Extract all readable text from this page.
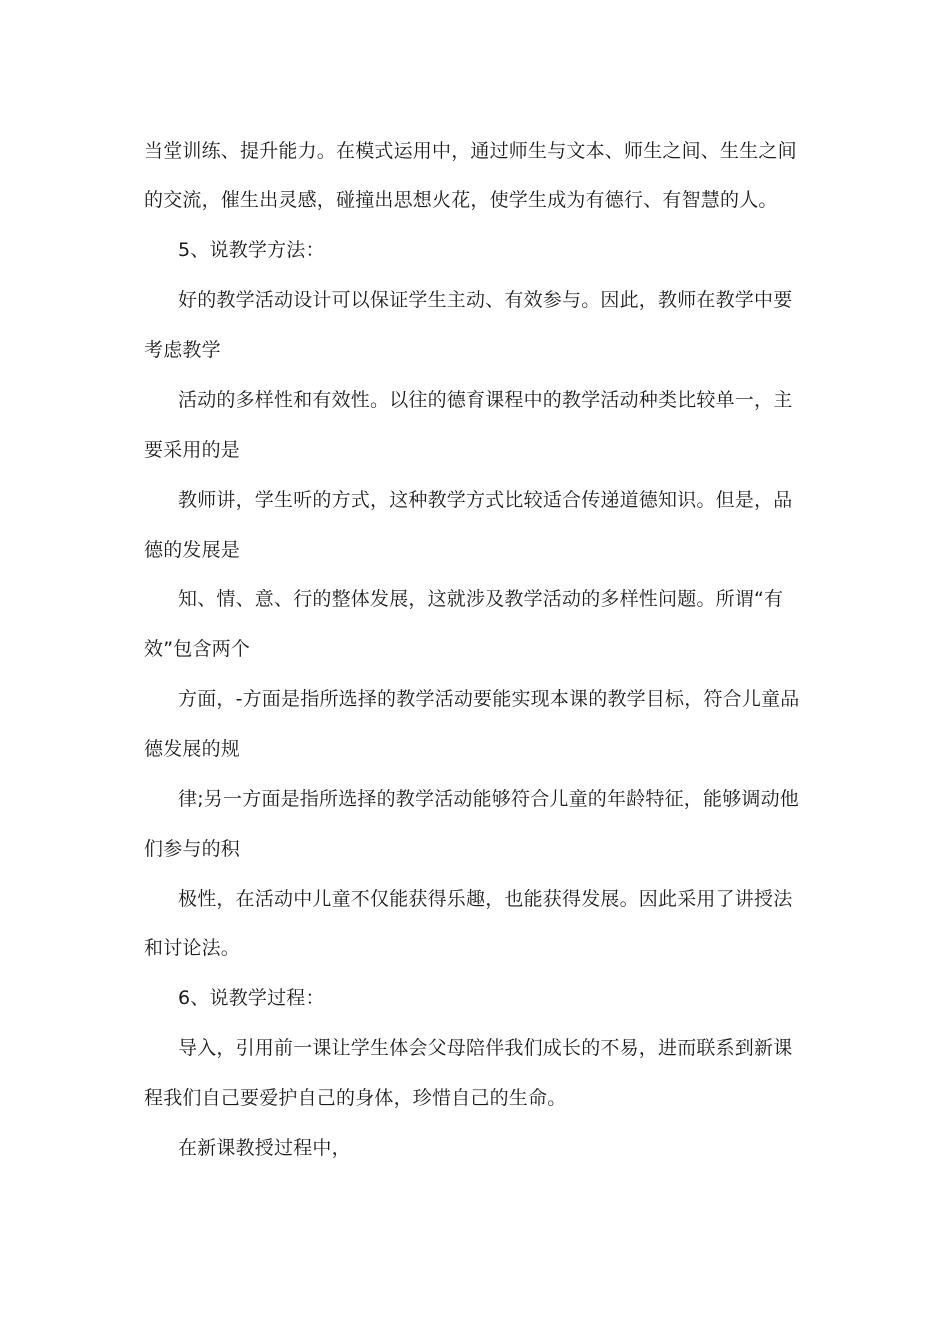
当堂训练、提升能力。在模式运用中，通过师生与文本、师生之间、生生之间
的交流，催生出灵感，碰撞出思想火花，使学生成为有德行、有智慧的人。
5、说教学方法：
好的教学活动设计可以保证学生主动、有效参与。因此，教师在教学中要
考虑教学
活动的多样性和有效性。以往的德育课程中的教学活动种类比较单一，主
要采用的是
教师讲，学生听的方式，这种教学方式比较适合传递道德知识。但是，品
德的发展是
知、情、意、行的整体发展，这就涉及教学活动的多样性问题。所谓“有
效”包含两个
方面，-方面是指所选择的教学活动要能实现本课的教学目标，符合儿童品
德发展的规
律;另一方面是指所选择的教学活动能够符合儿童的年龄特征，能够调动他
们参与的积
极性，在活动中儿童不仅能获得乐趣，也能获得发展。因此采用了讲授法
和讨论法。
6、说教学过程：
导入，引用前一课让学生体会父母陪伴我们成长的不易，进而联系到新课
程我们自己要爱护自己的身体，珍惜自己的生命。
在新课教授过程中，
